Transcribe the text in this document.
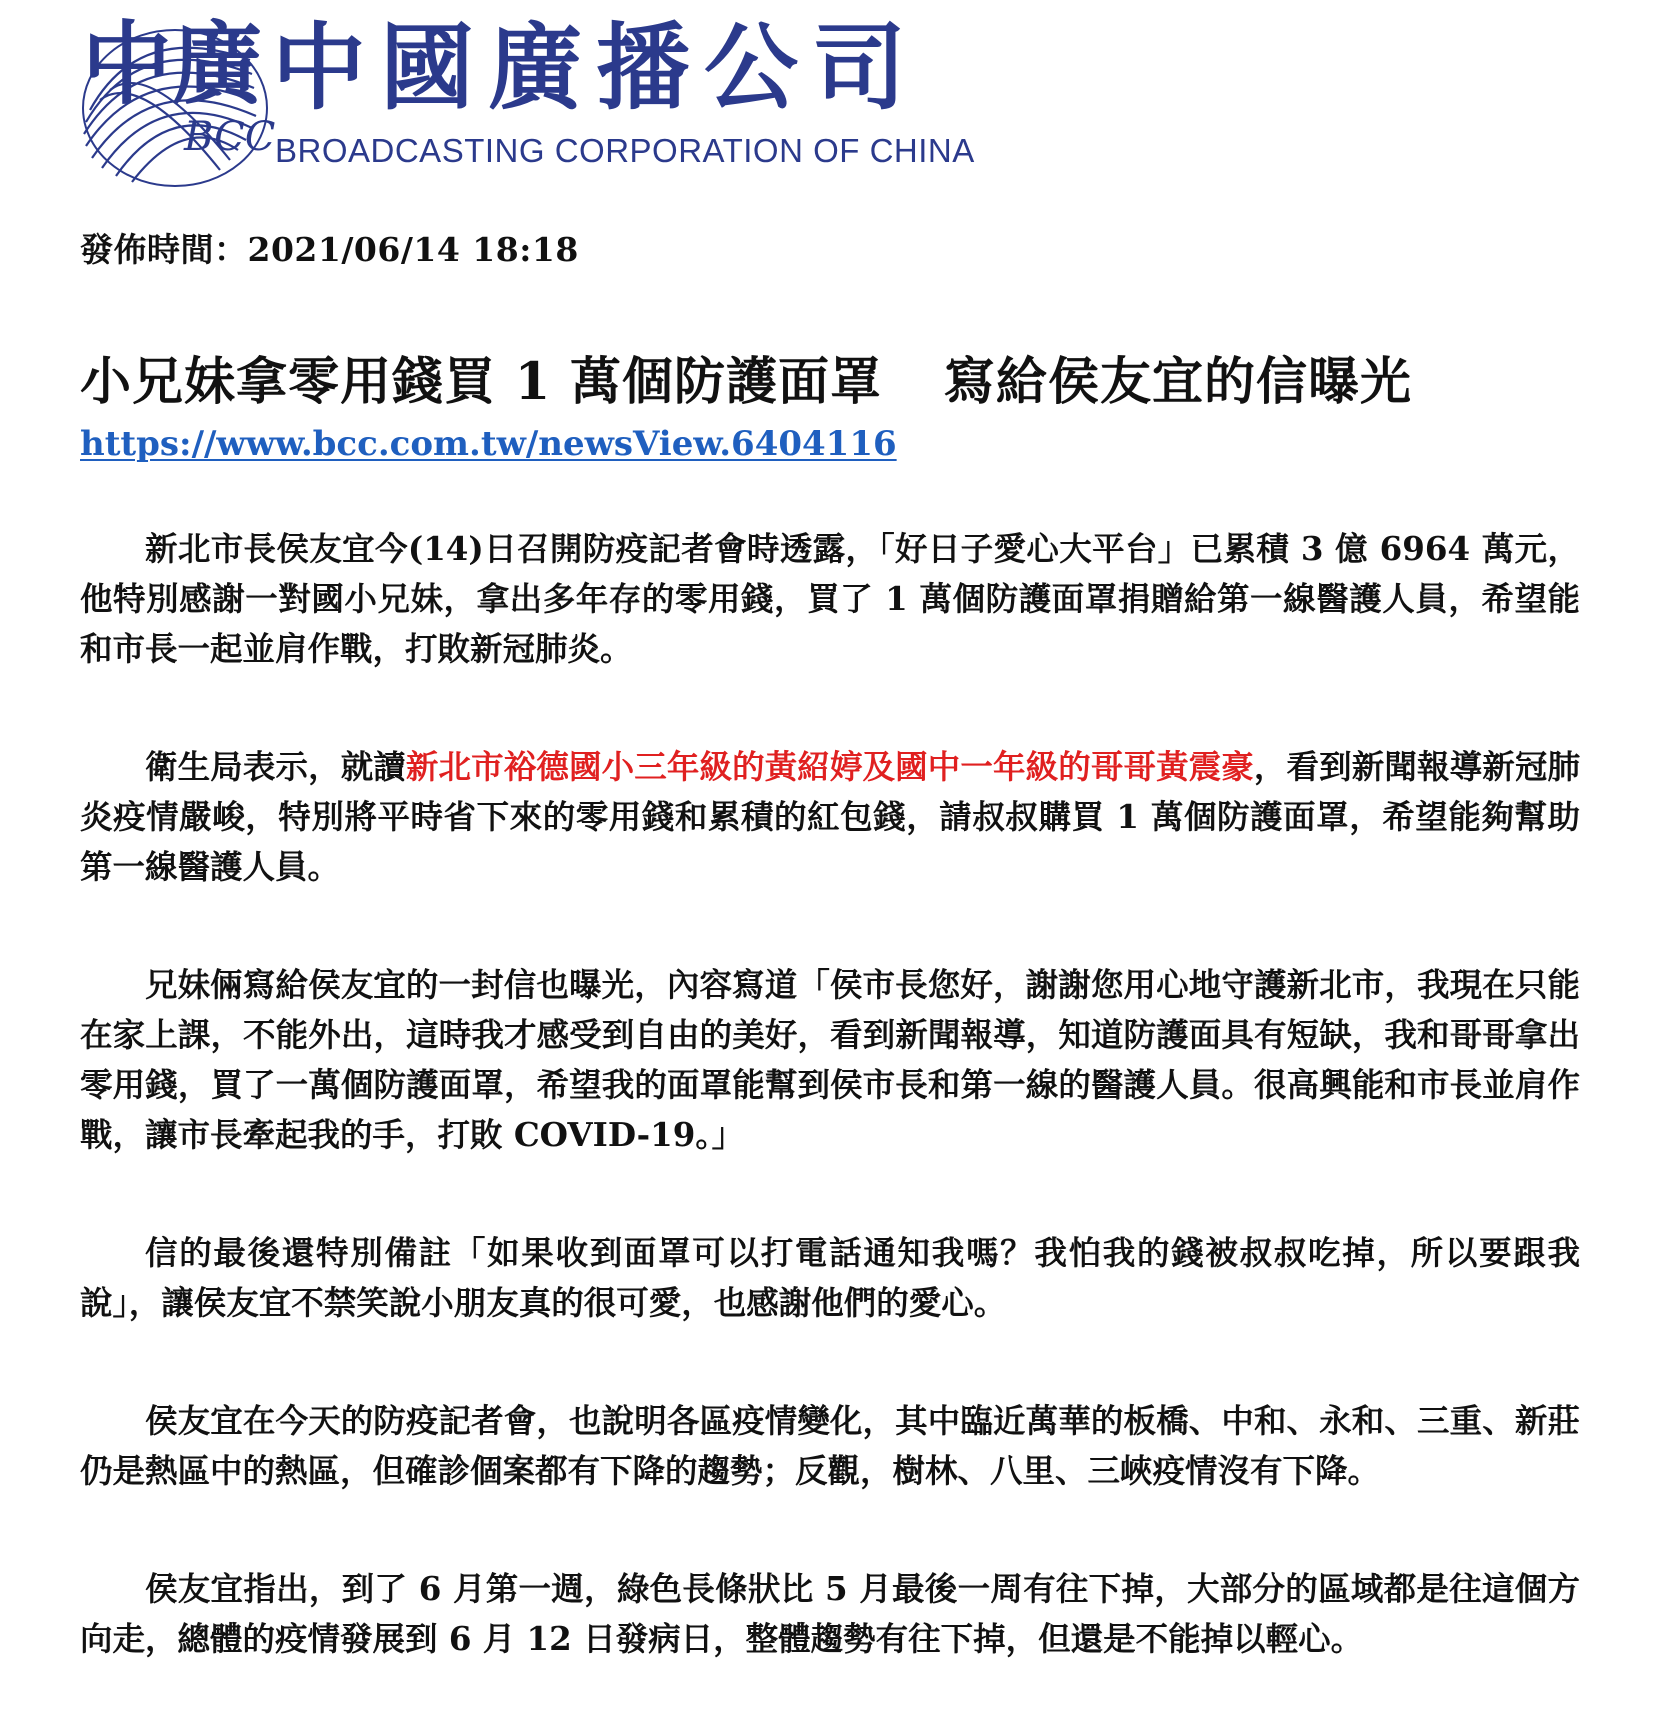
BCC
中廣 中國廣播公司
BROADCASTING CORPORATION OF CHINA
發佈時間：2021/06/14 18:18
小兄妹拿零用錢買 1 萬個防護面罩 寫給侯友宜的信曝光
https://www.bcc.com.tw/newsView.6404116

新北市長侯友宜今(14)日召開防疫記者會時透露，「好日子愛心大平台」已累積 3 億 6964 萬元，他特別感謝一對國小兄妹，拿出多年存的零用錢，買了 1 萬個防護面罩捐贈給第一線醫護人員，希望能和市長一起並肩作戰，打敗新冠肺炎。

衛生局表示，就讀新北市裕德國小三年級的黃紹婷及國中一年級的哥哥黃震豪，看到新聞報導新冠肺炎疫情嚴峻，特別將平時省下來的零用錢和累積的紅包錢，請叔叔購買 1 萬個防護面罩，希望能夠幫助第一線醫護人員。

兄妹倆寫給侯友宜的一封信也曝光，內容寫道「侯市長您好，謝謝您用心地守護新北市，我現在只能在家上課，不能外出，這時我才感受到自由的美好，看到新聞報導，知道防護面具有短缺，我和哥哥拿出零用錢，買了一萬個防護面罩，希望我的面罩能幫到侯市長和第一線的醫護人員。很高興能和市長並肩作戰，讓市長牽起我的手，打敗 COVID-19。」

信的最後還特別備註「如果收到面罩可以打電話通知我嗎？我怕我的錢被叔叔吃掉，所以要跟我說」，讓侯友宜不禁笑說小朋友真的很可愛，也感謝他們的愛心。

侯友宜在今天的防疫記者會，也說明各區疫情變化，其中臨近萬華的板橋、中和、永和、三重、新莊仍是熱區中的熱區，但確診個案都有下降的趨勢；反觀，樹林、八里、三峽疫情沒有下降。

侯友宜指出，到了 6 月第一週，綠色長條狀比 5 月最後一周有往下掉，大部分的區域都是往這個方向走，總體的疫情發展到 6 月 12 日發病日，整體趨勢有往下掉，但還是不能掉以輕心。
